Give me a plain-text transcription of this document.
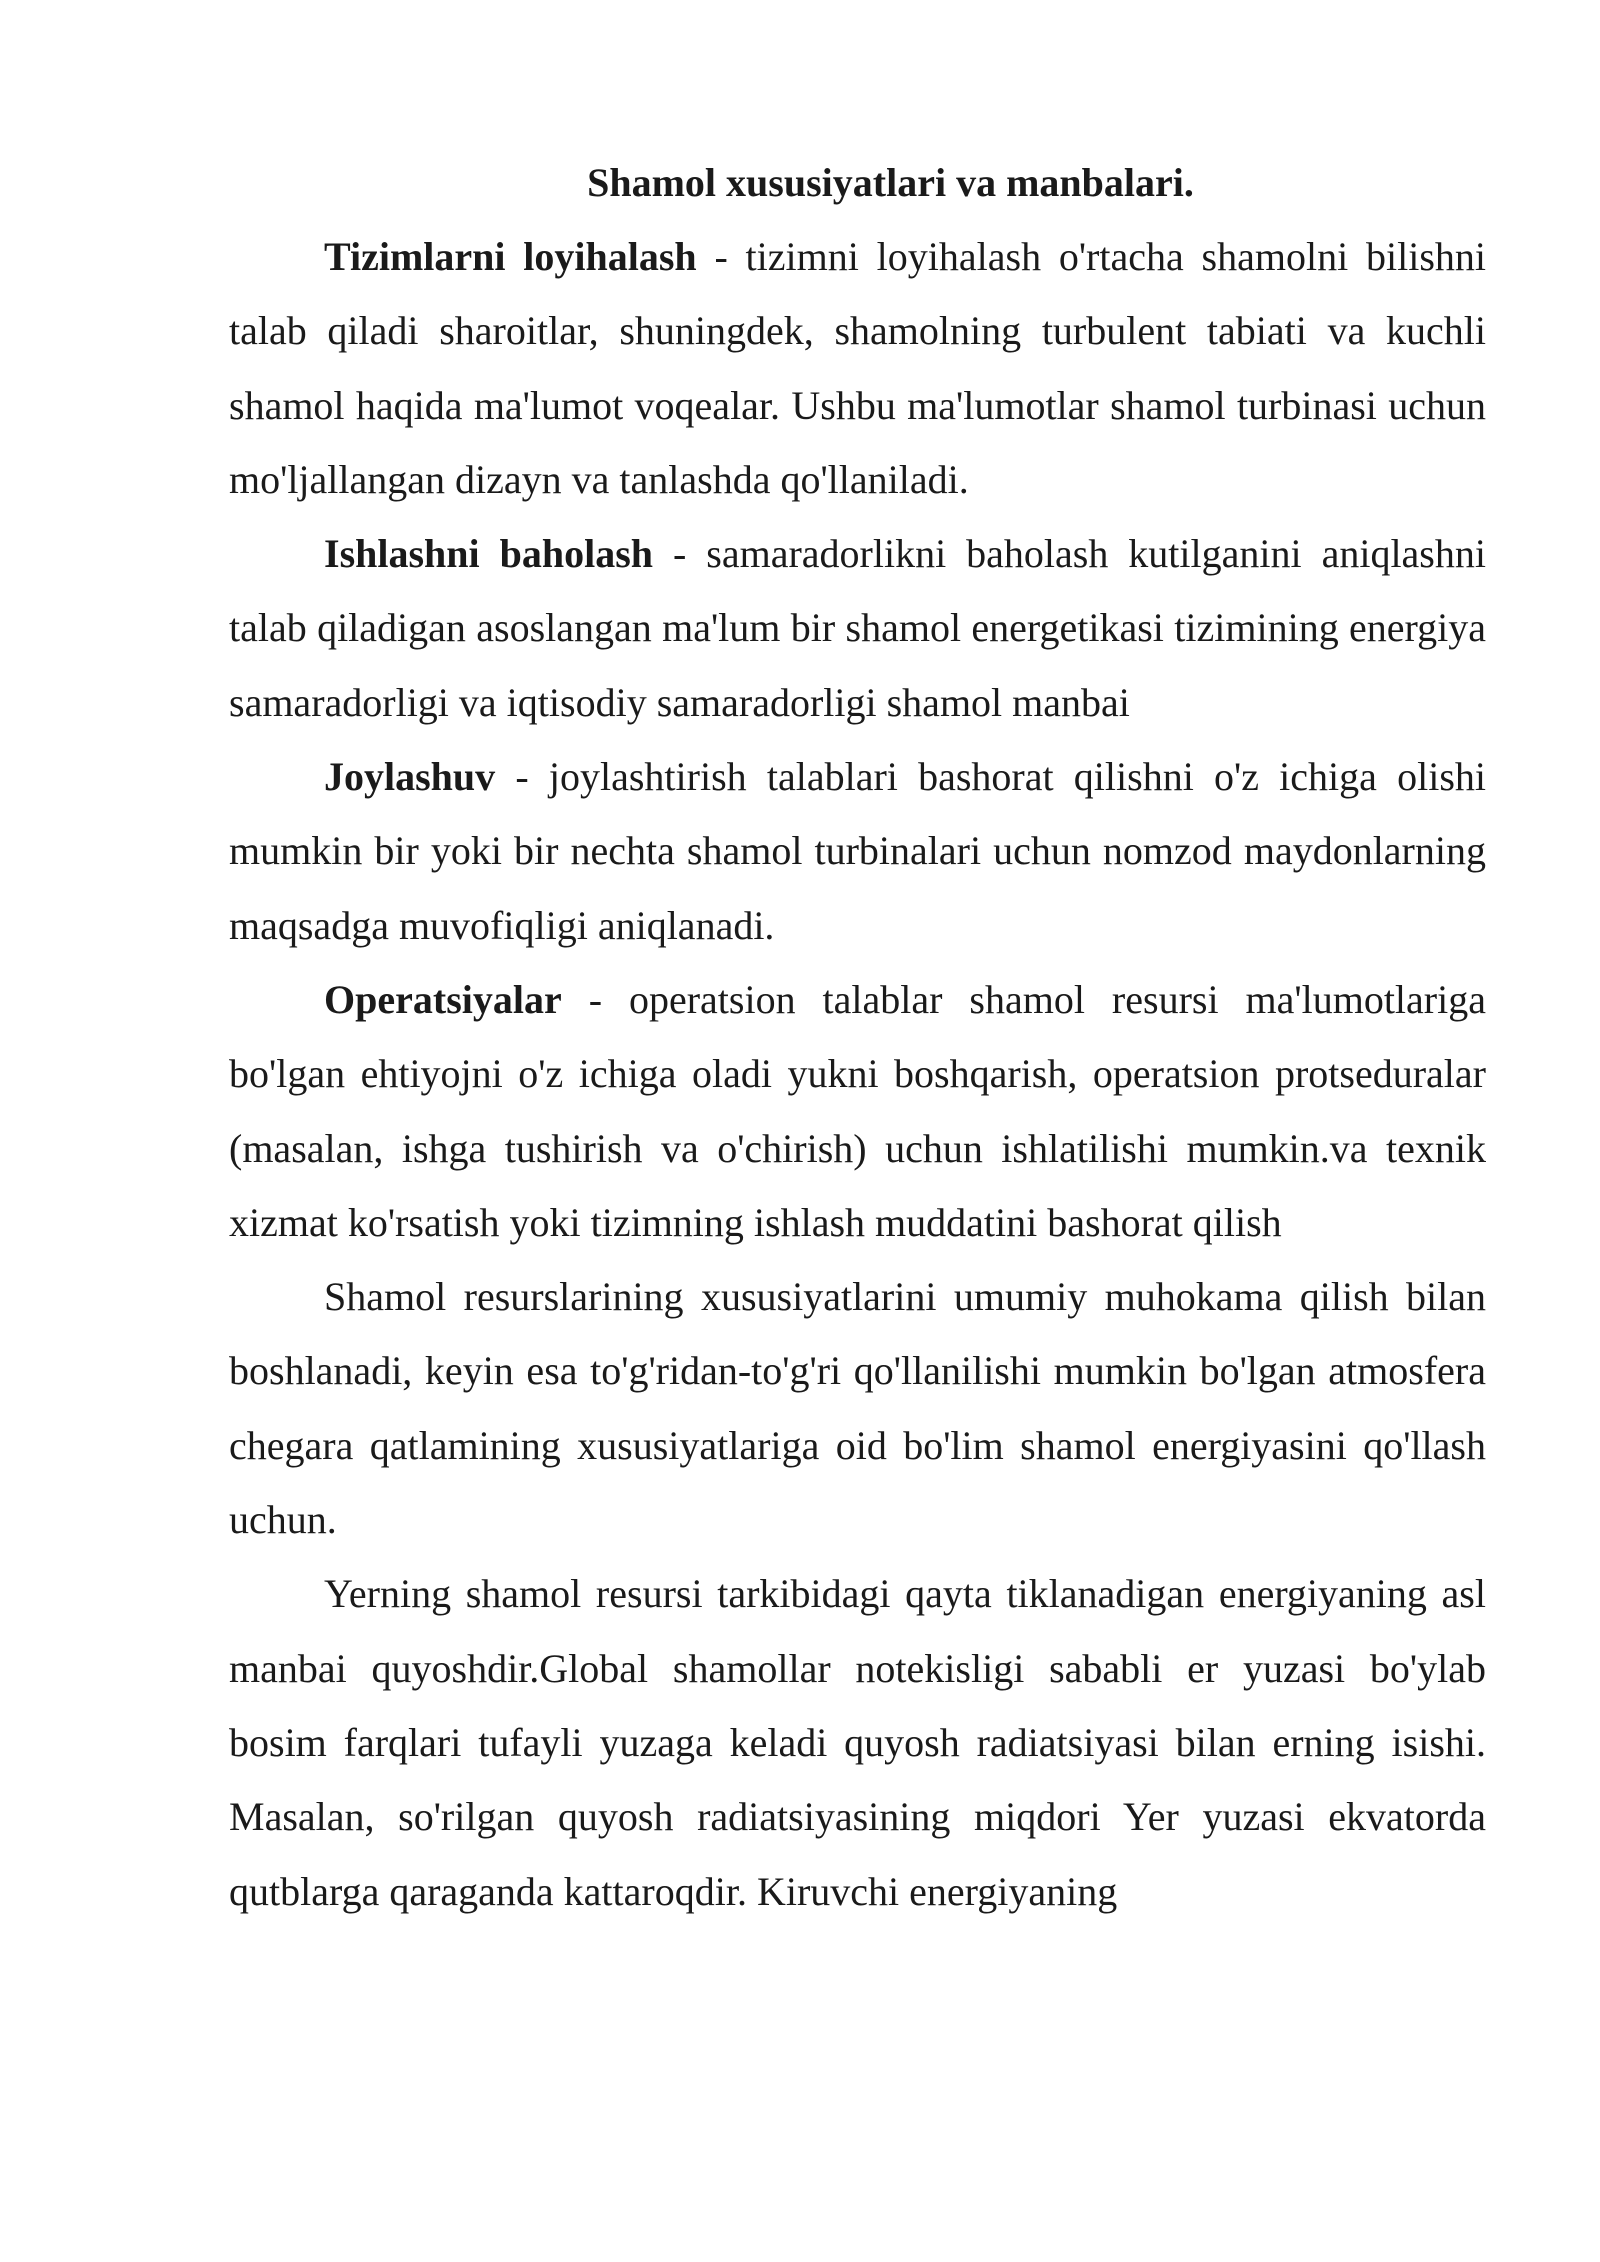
Shamol xususiyatlari va manbalari.

Tizimlarni loyihalash - tizimni loyihalash o'rtacha shamolni bilishni talab qiladi sharoitlar, shuningdek, shamolning turbulent tabiati va kuchli shamol haqida ma'lumot voqealar. Ushbu ma'lumotlar shamol turbinasi uchun mo'ljallangan dizayn va tanlashda qo'llaniladi.

Ishlashni baholash - samaradorlikni baholash kutilganini aniqlashni talab qiladigan asoslangan ma'lum bir shamol energetikasi tizimining energiya samaradorligi va iqtisodiy samaradorligi shamol manbai

Joylashuv - joylashtirish talablari bashorat qilishni o'z ichiga olishi mumkin bir yoki bir nechta shamol turbinalari uchun nomzod maydonlarning maqsadga muvofiqligi aniqlanadi.

Operatsiyalar - operatsion talablar shamol resursi ma'lumotlariga bo'lgan ehtiyojni o'z ichiga oladi yukni boshqarish, operatsion protseduralar (masalan, ishga tushirish va o'chirish) uchun ishlatilishi mumkin.va texnik xizmat ko'rsatish yoki tizimning ishlash muddatini bashorat qilish

Shamol resurslarining xususiyatlarini umumiy muhokama qilish bilan boshlanadi, keyin esa to'g'ridan-to'g'ri qo'llanilishi mumkin bo'lgan atmosfera chegara qatlamining xususiyatlariga oid bo'lim shamol energiyasini qo'llash uchun.

Yerning shamol resursi tarkibidagi qayta tiklanadigan energiyaning asl manbai quyoshdir.Global shamollar notekisligi sababli er yuzasi bo'ylab bosim farqlari tufayli yuzaga keladi quyosh radiatsiyasi bilan erning isishi. Masalan, so'rilgan quyosh radiatsiyasining miqdori Yer yuzasi ekvatorda qutblarga qaraganda kattaroqdir. Kiruvchi energiyaning
